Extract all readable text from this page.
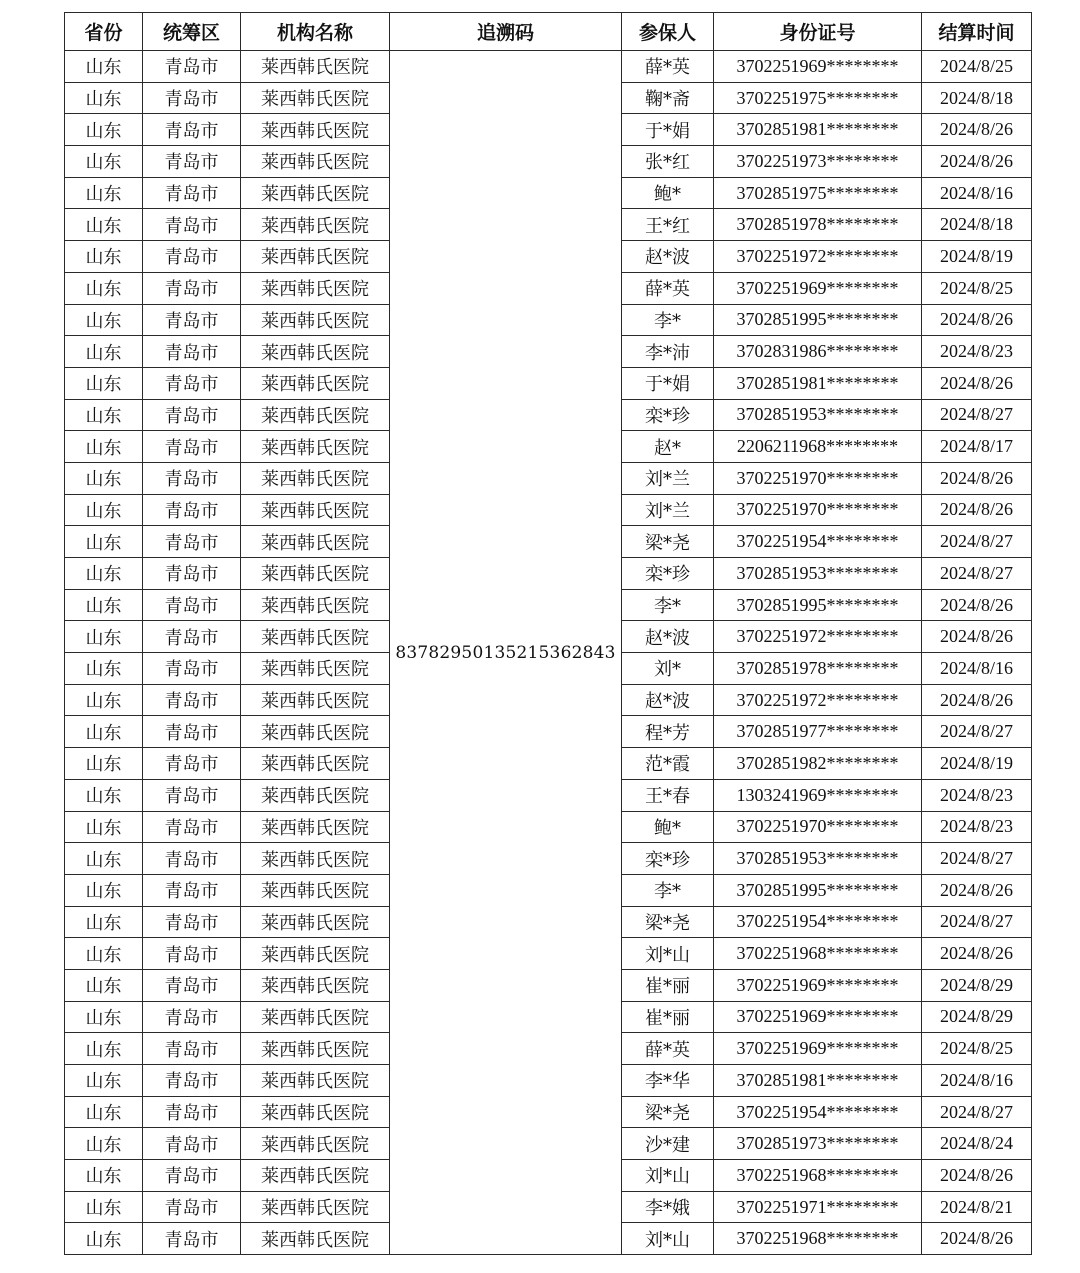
省份	统筹区	机构名称	追溯码	参保人	身份证号	结算时间
山东	青岛市	莱西韩氏医院	83782950135215362843	薛*英	3702251969********	2024/8/25
山东	青岛市	莱西韩氏医院		鞠*斋	3702251975********	2024/8/18
山东	青岛市	莱西韩氏医院		于*娟	3702851981********	2024/8/26
山东	青岛市	莱西韩氏医院		张*红	3702251973********	2024/8/26
山东	青岛市	莱西韩氏医院		鲍*	3702851975********	2024/8/16
山东	青岛市	莱西韩氏医院		王*红	3702851978********	2024/8/18
山东	青岛市	莱西韩氏医院		赵*波	3702251972********	2024/8/19
山东	青岛市	莱西韩氏医院		薛*英	3702251969********	2024/8/25
山东	青岛市	莱西韩氏医院		李*	3702851995********	2024/8/26
山东	青岛市	莱西韩氏医院		李*沛	3702831986********	2024/8/23
山东	青岛市	莱西韩氏医院		于*娟	3702851981********	2024/8/26
山东	青岛市	莱西韩氏医院		栾*珍	3702851953********	2024/8/27
山东	青岛市	莱西韩氏医院		赵*	2206211968********	2024/8/17
山东	青岛市	莱西韩氏医院		刘*兰	3702251970********	2024/8/26
山东	青岛市	莱西韩氏医院		刘*兰	3702251970********	2024/8/26
山东	青岛市	莱西韩氏医院		梁*尧	3702251954********	2024/8/27
山东	青岛市	莱西韩氏医院		栾*珍	3702851953********	2024/8/27
山东	青岛市	莱西韩氏医院		李*	3702851995********	2024/8/26
山东	青岛市	莱西韩氏医院		赵*波	3702251972********	2024/8/26
山东	青岛市	莱西韩氏医院		刘*	3702851978********	2024/8/16
山东	青岛市	莱西韩氏医院		赵*波	3702251972********	2024/8/26
山东	青岛市	莱西韩氏医院		程*芳	3702851977********	2024/8/27
山东	青岛市	莱西韩氏医院		范*霞	3702851982********	2024/8/19
山东	青岛市	莱西韩氏医院		王*春	1303241969********	2024/8/23
山东	青岛市	莱西韩氏医院		鲍*	3702251970********	2024/8/23
山东	青岛市	莱西韩氏医院		栾*珍	3702851953********	2024/8/27
山东	青岛市	莱西韩氏医院		李*	3702851995********	2024/8/26
山东	青岛市	莱西韩氏医院		梁*尧	3702251954********	2024/8/27
山东	青岛市	莱西韩氏医院		刘*山	3702251968********	2024/8/26
山东	青岛市	莱西韩氏医院		崔*丽	3702251969********	2024/8/29
山东	青岛市	莱西韩氏医院		崔*丽	3702251969********	2024/8/29
山东	青岛市	莱西韩氏医院		薛*英	3702251969********	2024/8/25
山东	青岛市	莱西韩氏医院		李*华	3702851981********	2024/8/16
山东	青岛市	莱西韩氏医院		梁*尧	3702251954********	2024/8/27
山东	青岛市	莱西韩氏医院		沙*建	3702851973********	2024/8/24
山东	青岛市	莱西韩氏医院		刘*山	3702251968********	2024/8/26
山东	青岛市	莱西韩氏医院		李*娥	3702251971********	2024/8/21
山东	青岛市	莱西韩氏医院		刘*山	3702251968********	2024/8/26
